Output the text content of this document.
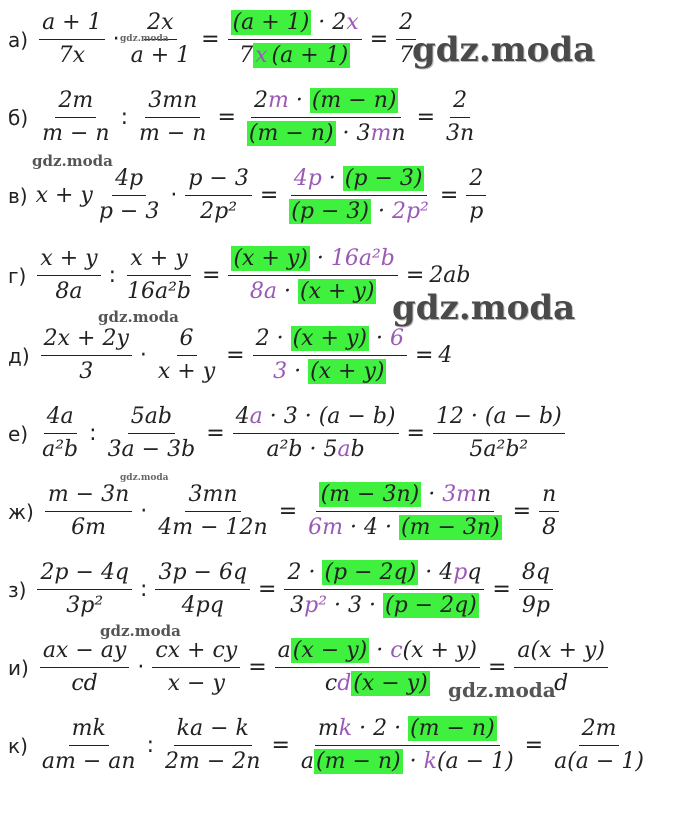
$а) \frac{a + 1}{7x} \cdot \frac{2x}{a + 1} = \frac{(a + 1) \cdot 2x}{7x (a + 1)} = \frac{2}{7}$
$б) \frac{2m}{m - n}$ : $\frac{3mn}{m - n} = \frac{2m \cdot (m - n)}{(m - n) \cdot 3mn} = \frac{2}{3n}$
в) x + y $\frac{4p}{p - 3} \cdot \frac{p - 3}{\text{2p²}} = \frac{4p \cdot (p - 3)}{\text{(p − 3) · 2p²}} = \frac{2}{p}$
$г) \frac{x + y}{8a}$ : $\frac{x + y}{\text{16a²b}} = \frac{\text{(x + y) · 16a²b}}{8a \cdot (x + y)} = 2ab$
$д) \frac{2x + 2y}{3} \cdot \frac{6}{x + y} = \frac{2 \cdot (x + y) \cdot 6}{3 \cdot (x + y)} = 4$
$е) \frac{4a}{\text{a²b}}$ : $\frac{5ab}{3a - 3b} = \frac{4a \cdot 3 \cdot (a - b)}{\text{a²b · 5ab}} = \frac{12 \cdot (a - b)}{\text{5a²b²}}$
$ж) \frac{m - 3n}{6m} \cdot \frac{3mn}{4m - 12n} = \frac{(m - 3n) \cdot 3mn}{6m \cdot 4 \cdot (m - 3n)} = \frac{n}{8}$
$з) \frac{2p - 4q}{\text{3p²}}$ : $\frac{3p - 6q}{4pq} = \frac{2 \cdot (p - 2q) \cdot 4pq}{\text{3p² · 3 · (p − 2q)}} = \frac{8q}{9p}$
$и) \frac{ax - ay}{cd} \cdot \frac{cx + cy}{x - y} = \frac{a(x - y) \cdot c(x + y)}{cd(x - y)} = \frac{a(x + y)}{d}$
$к) \frac{mk}{am - an}$ : $\frac{ka - k}{2m - 2n} = \frac{mk \cdot 2 \cdot (m - n)}{a(m - n) \cdot k(a - 1)} = \frac{2m}{a(a - 1)}$
gdz.moda
gdz.moda
gdz.moda
gdz.moda
gdz.moda
gdz.moda
gdz.moda
gdz.moda
